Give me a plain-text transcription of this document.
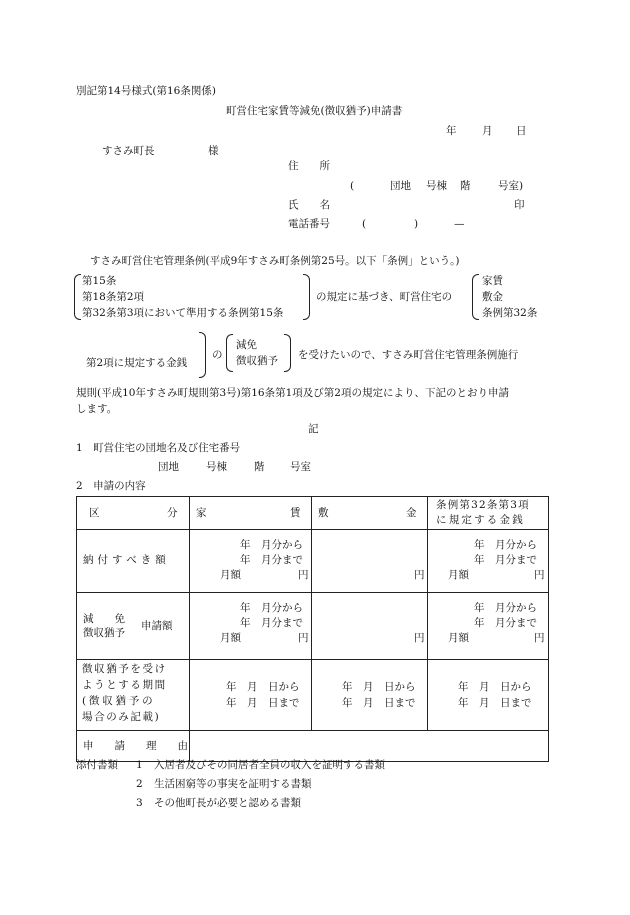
別記第14号様式(第16条関係)
町営住宅家賃等減免(徴収猶予)申請書
年 月 日
すさみ町長	様
住　　所
(	団地 号棟 階	号室)
氏　　名	印
電話番号	(	)	—
すさみ町営住宅管理条例(平成9年すさみ町条例第25号。以下「条例」という。)
第15条
第18条第2項
第32条第3項において準用する条例第15条
の規定に基づき、町営住宅の
家賃
敷金
条例第32条
第2項に規定する金銭
の
減免
徴収猶予 を受けたいので、すさみ町営住宅管理条例施行
規則(平成10年すさみ町規則第3号)第16条第1項及び第2項の規定により、下記のとおり申請
します。
記
1　町営住宅の団地名及び住宅番号
団地	号棟	階 号室
2　申請の内容
区 分	家 賃	敷 金	条例第32条第3項
に規定する金銭

納付すべき額	年　月分から
年　月分まで
月額 円	円	年　月分から
年　月分まで
月額 円

減　　免
徴収猶予
申請額	年　月分から
年　月分まで
月額 円	円	年　月分から
年　月分まで
月額 円

徴収猶予を受け
ようとする期間
(徴収猶予の
場合のみ記載)	年　月　日から
年　月　日まで	年　月　日から
年　月　日まで	年　月　日から
年　月　日まで

申　　請　　理　　由			

添付書類 1 入居者及びその同居者全員の収入を証明する書類
2 生活困窮等の事実を証明する書類
3 その他町長が必要と認める書類
